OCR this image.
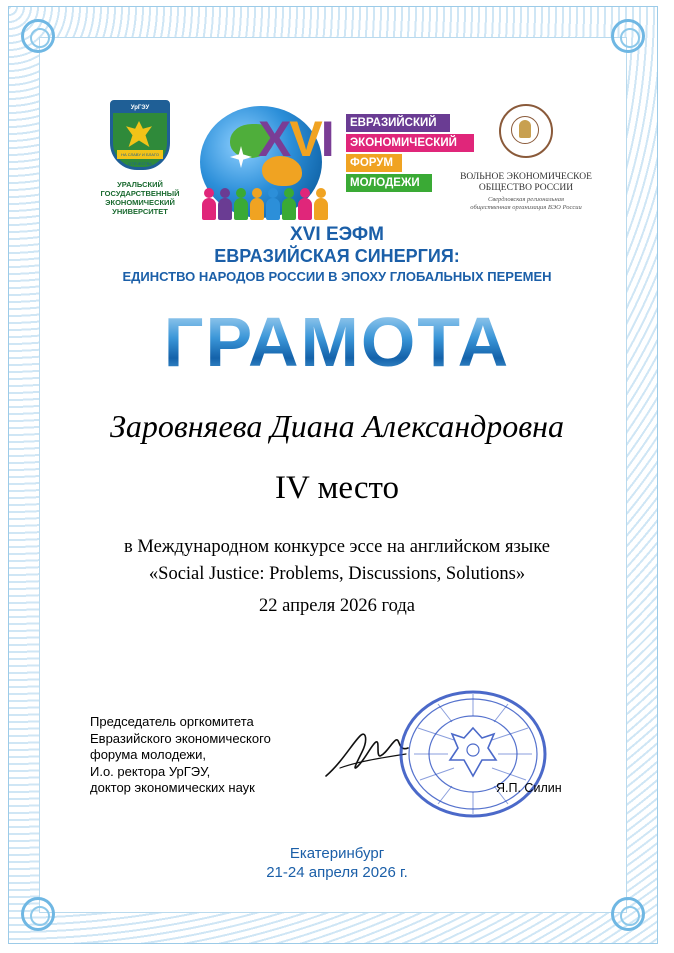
УрГЭУ
НА СЛАВУ И БЛАГО ОТЕЧЕСТВА
УРАЛЬСКИЙ
ГОСУДАРСТВЕННЫЙ
ЭКОНОМИЧЕСКИЙ
УНИВЕРСИТЕТ
XVI	ЕВРАЗИЙСКИЙ
ЭКОНОМИЧЕСКИЙ
ФОРУМ
МОЛОДЕЖИ	ВОЛЬНОЕ ЭКОНОМИЧЕСКОЕ
ОБЩЕСТВО РОССИИ
Свердловская региональная
общественная организация ВЭО России
XVI ЕЭФМ
ЕВРАЗИЙСКАЯ СИНЕРГИЯ:
ЕДИНСТВО НАРОДОВ РОССИИ В ЭПОХУ ГЛОБАЛЬНЫХ ПЕРЕМЕН
ГРАМОТА
Заровняева Диана Александровна
IV место
в Международном конкурсе эссе на английском языке
«Social Justice: Problems, Discussions, Solutions»
22 апреля 2026 года
Председатель оргкомитета
Евразийского экономического
форума молодежи,
И.о. ректора УрГЭУ,
доктор экономических наук	Я.П. Силин
Екатеринбург
21-24 апреля 2026 г.
